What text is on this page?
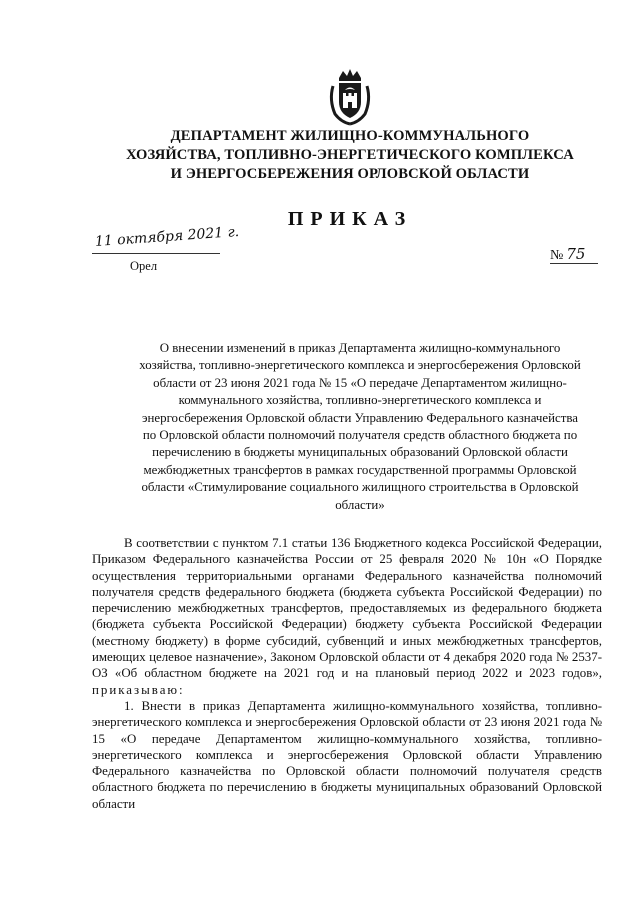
ДЕПАРТАМЕНТ ЖИЛИЩНО-КОММУНАЛЬНОГО
ХОЗЯЙСТВА, ТОПЛИВНО-ЭНЕРГЕТИЧЕСКОГО КОМПЛЕКСА
И ЭНЕРГОСБЕРЕЖЕНИЯ ОРЛОВСКОЙ ОБЛАСТИ
ПРИКАЗ
11 октября 2021 г.
Орел
№ 75
О внесении изменений в приказ Департамента жилищно-коммунального
хозяйства, топливно-энергетического комплекса и энергосбережения Орловской
области от 23 июня 2021 года № 15 «О передаче Департаментом жилищно-
коммунального хозяйства, топливно-энергетического комплекса и
энергосбережения Орловской области Управлению Федерального казначейства
по Орловской области полномочий получателя средств областного бюджета по
перечислению в бюджеты муниципальных образований Орловской области
межбюджетных трансфертов в рамках государственной программы Орловской
области «Стимулирование социального жилищного строительства в Орловской
области»

В соответствии с пунктом 7.1 статьи 136 Бюджетного кодекса Российской Федерации, Приказом Федерального казначейства России от 25 февраля 2020 № 10н «О Порядке осуществления территориальными органами Федерального казначейства полномочий получателя средств федерального бюджета (бюджета субъекта Российской Федерации) по перечислению межбюджетных трансфертов, предоставляемых из федерального бюджета (бюджета субъекта Российской Федерации) бюджету субъекта Российской Федерации (местному бюджету) в форме субсидий, субвенций и иных межбюджетных трансфертов, имеющих целевое назначение», Законом Орловской области от 4 декабря 2020 года № 2537-ОЗ «Об областном бюджете на 2021 год и на плановый период 2022 и 2023 годов», приказываю:

1. Внести в приказ Департамента жилищно-коммунального хозяйства, топливно-энергетического комплекса и энергосбережения Орловской области от 23 июня 2021 года № 15 «О передаче Департаментом жилищно-коммунального хозяйства, топливно-энергетического комплекса и энергосбережения Орловской области Управлению Федерального казначейства по Орловской области полномочий получателя средств областного бюджета по перечислению в бюджеты муниципальных образований Орловской области
